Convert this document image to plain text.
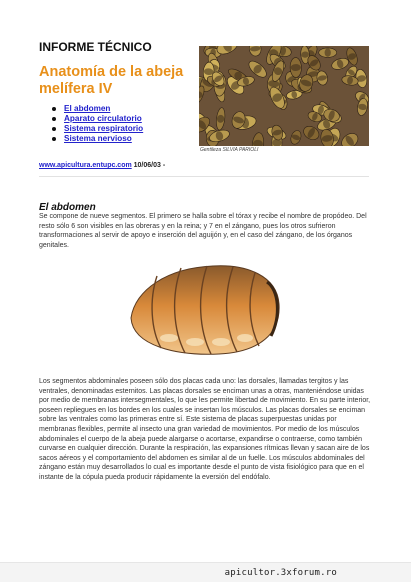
INFORME TÉCNICO
Anatomía de la abeja melífera IV
El abdomen
Aparato circulatorio
Sistema respiratorio
Sistema nervioso
Gentileza SILVIA PARIOLI
www.apicultura.entupc.com 10/06/03 -
El abdomen

Se compone de nueve segmentos. El primero se halla sobre el tórax y recibe el nombre de propódeo. Del resto sólo 6 son visibles en las obreras y en la reina; y 7 en el zángano, pues los otros sufrieron transformaciones al servir de apoyo e inserción del aguijón y, en el caso del zángano, de los órganos genitales.

Los segmentos abdominales poseen sólo dos placas cada uno: las dorsales, llamadas tergitos y las ventrales, denominadas esternitos. Las placas dorsales se enciman unas a otras, manteniéndose unidas por medio de membranas intersegmentales, lo que les permite libertad de movimiento. En su parte interior, poseen repliegues en los bordes en los cuales se insertan los músculos. Las placas dorsales se enciman sobre las ventrales como las primeras entre sí. Este sistema de placas superpuestas unidas por membranas flexibles, permite al insecto una gran variedad de movimientos. Por medio de los músculos abdominales el cuerpo de la abeja puede alargarse o acortarse, expandirse o contraerse, como también curvarse en cualquier dirección. Durante la respiración, las expansiones rítmicas llevan y sacan aire de los sacos aéreos y el comportamiento del abdomen es similar al de un fuelle. Los músculos abdominales del zángano están muy desarrollados lo cual es importante desde el punto de vista fisiológico para que en el instante de la cópula pueda producir rápidamente la eversión del endófalo.

apicultor.3xforum.ro
